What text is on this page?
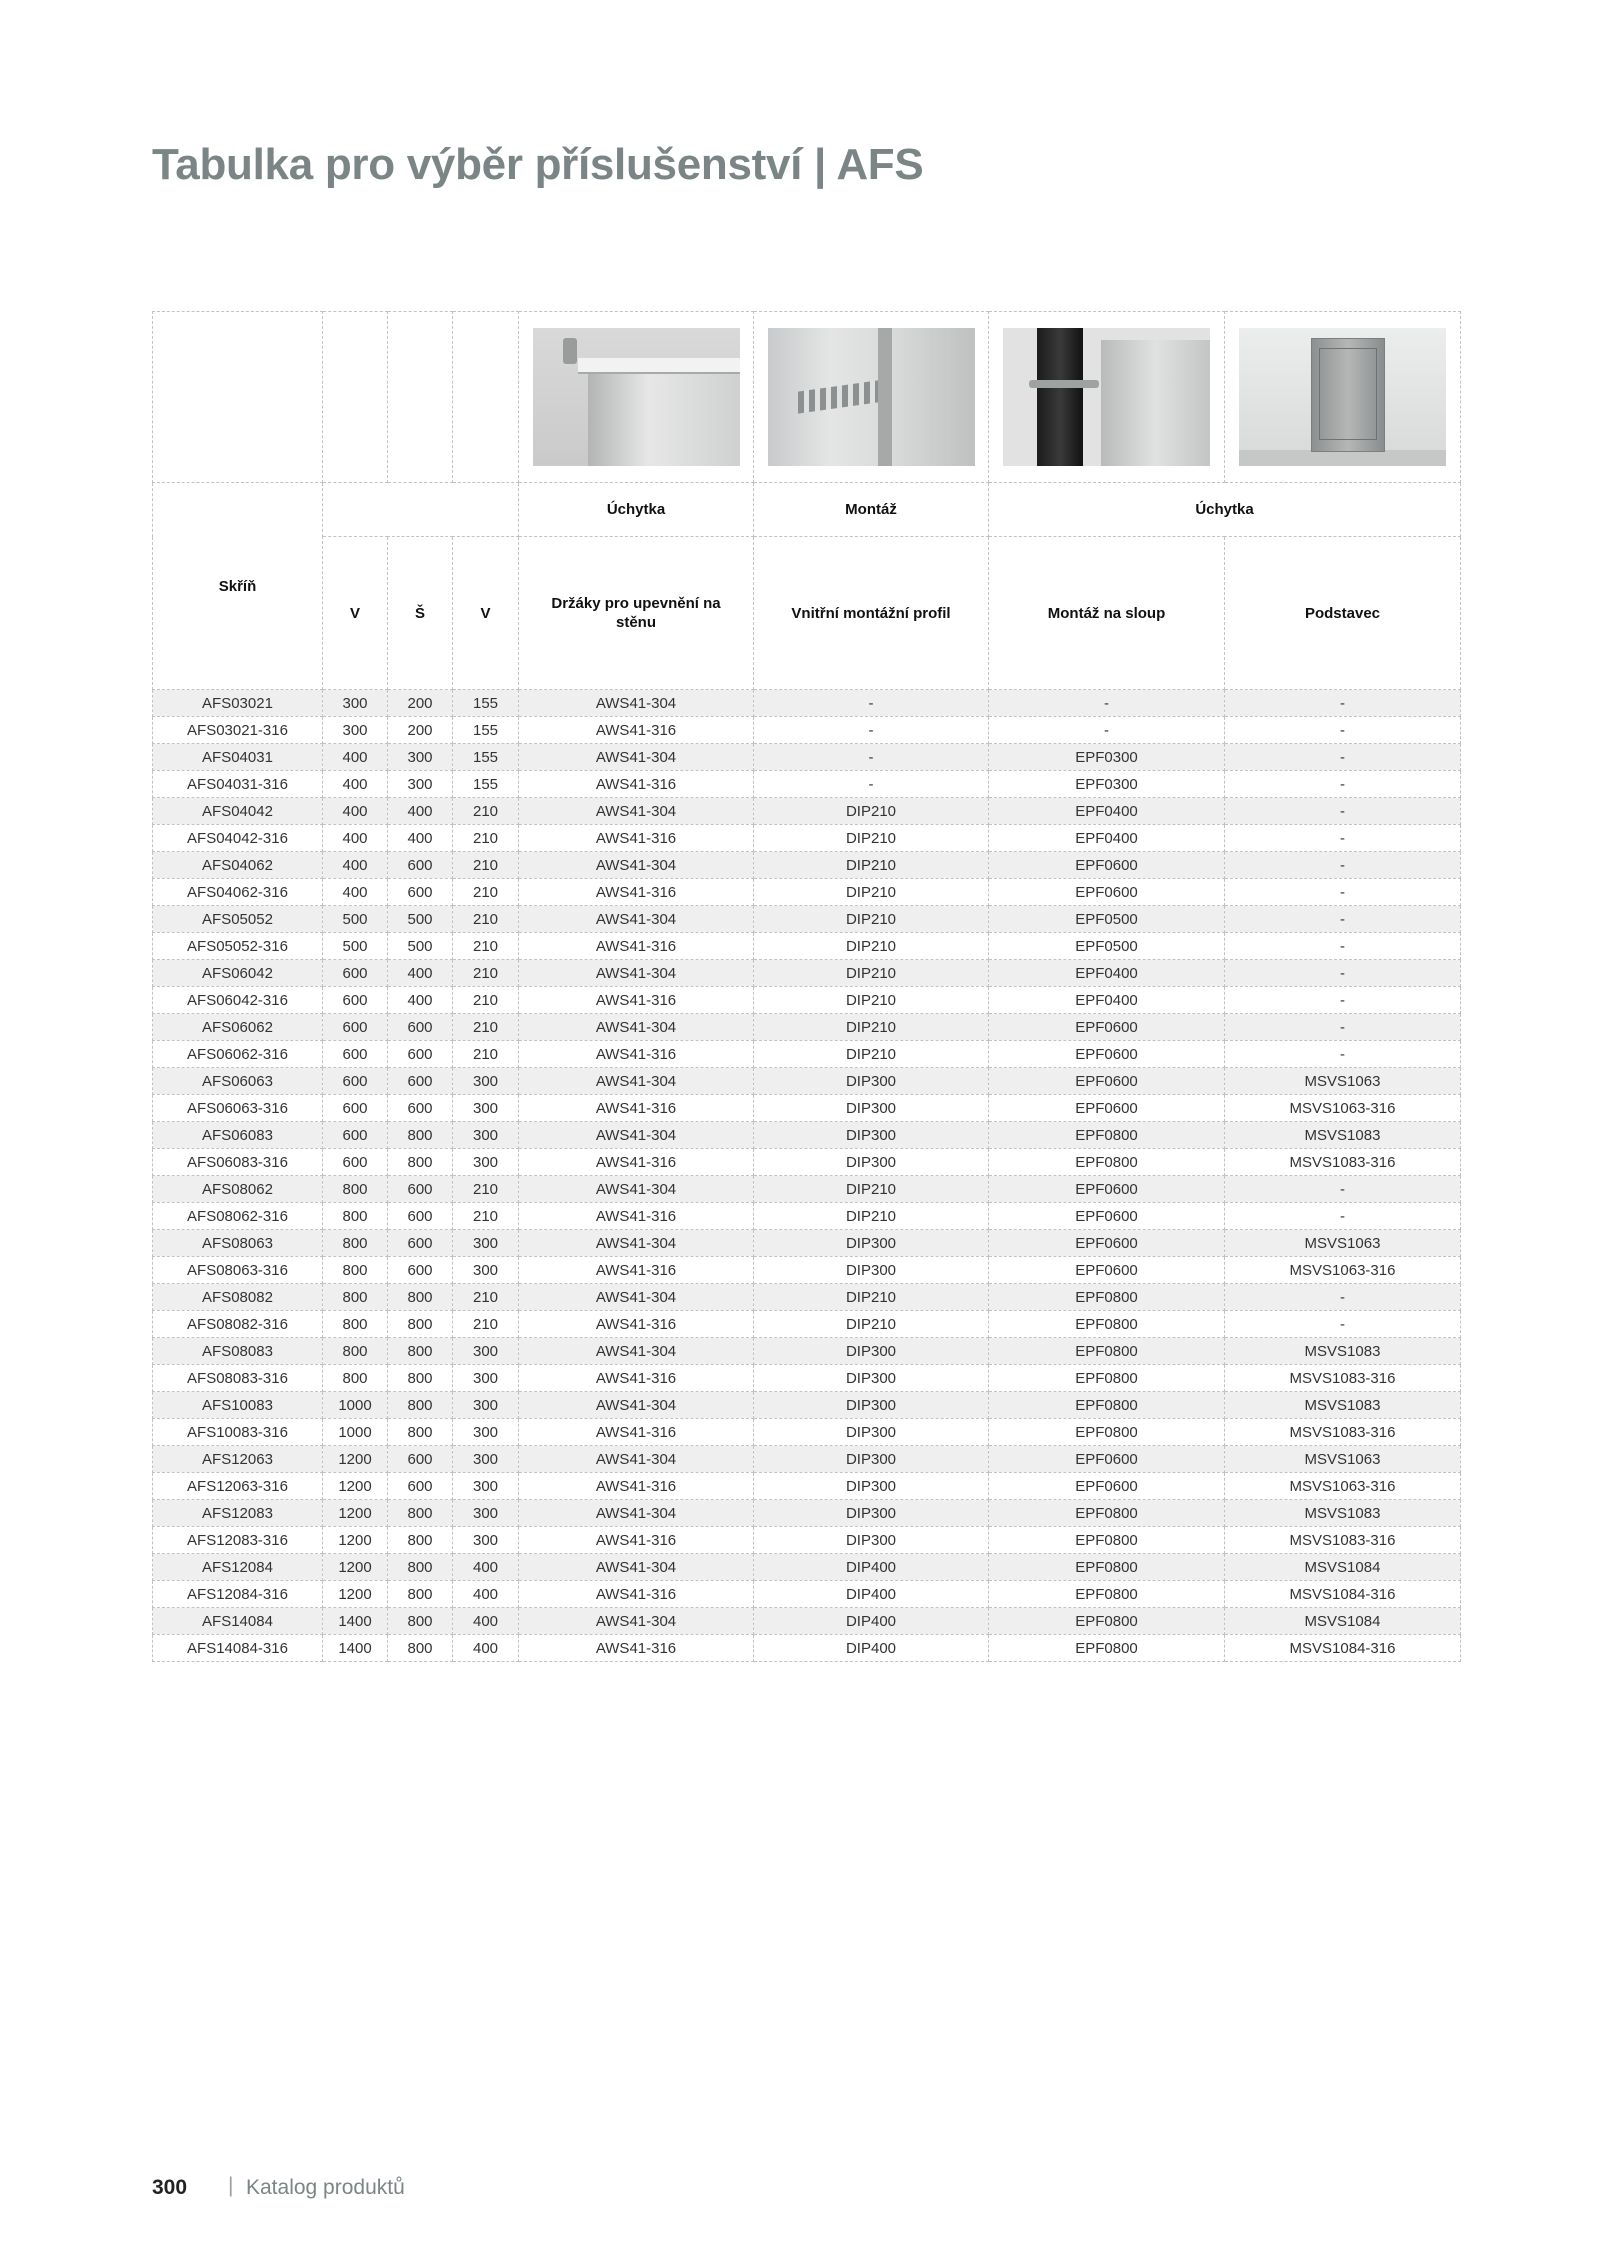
Tabulka pro výběr příslušenství | AFS

Skříň				Úchytka	Montáž	Úchytka	
	V	Š	V	Držáky pro upevnění na stěnu	Vnitřní montážní profil	Montáž na sloup	Podstavec
AFS03021	300	200	155	AWS41-304	-	-	-
AFS03021-316	300	200	155	AWS41-316	-	-	-
AFS04031	400	300	155	AWS41-304	-	EPF0300	-
AFS04031-316	400	300	155	AWS41-316	-	EPF0300	-
AFS04042	400	400	210	AWS41-304	DIP210	EPF0400	-
AFS04042-316	400	400	210	AWS41-316	DIP210	EPF0400	-
AFS04062	400	600	210	AWS41-304	DIP210	EPF0600	-
AFS04062-316	400	600	210	AWS41-316	DIP210	EPF0600	-
AFS05052	500	500	210	AWS41-304	DIP210	EPF0500	-
AFS05052-316	500	500	210	AWS41-316	DIP210	EPF0500	-
AFS06042	600	400	210	AWS41-304	DIP210	EPF0400	-
AFS06042-316	600	400	210	AWS41-316	DIP210	EPF0400	-
AFS06062	600	600	210	AWS41-304	DIP210	EPF0600	-
AFS06062-316	600	600	210	AWS41-316	DIP210	EPF0600	-
AFS06063	600	600	300	AWS41-304	DIP300	EPF0600	MSVS1063
AFS06063-316	600	600	300	AWS41-316	DIP300	EPF0600	MSVS1063-316
AFS06083	600	800	300	AWS41-304	DIP300	EPF0800	MSVS1083
AFS06083-316	600	800	300	AWS41-316	DIP300	EPF0800	MSVS1083-316
AFS08062	800	600	210	AWS41-304	DIP210	EPF0600	-
AFS08062-316	800	600	210	AWS41-316	DIP210	EPF0600	-
AFS08063	800	600	300	AWS41-304	DIP300	EPF0600	MSVS1063
AFS08063-316	800	600	300	AWS41-316	DIP300	EPF0600	MSVS1063-316
AFS08082	800	800	210	AWS41-304	DIP210	EPF0800	-
AFS08082-316	800	800	210	AWS41-316	DIP210	EPF0800	-
AFS08083	800	800	300	AWS41-304	DIP300	EPF0800	MSVS1083
AFS08083-316	800	800	300	AWS41-316	DIP300	EPF0800	MSVS1083-316
AFS10083	1000	800	300	AWS41-304	DIP300	EPF0800	MSVS1083
AFS10083-316	1000	800	300	AWS41-316	DIP300	EPF0800	MSVS1083-316
AFS12063	1200	600	300	AWS41-304	DIP300	EPF0600	MSVS1063
AFS12063-316	1200	600	300	AWS41-316	DIP300	EPF0600	MSVS1063-316
AFS12083	1200	800	300	AWS41-304	DIP300	EPF0800	MSVS1083
AFS12083-316	1200	800	300	AWS41-316	DIP300	EPF0800	MSVS1083-316
AFS12084	1200	800	400	AWS41-304	DIP400	EPF0800	MSVS1084
AFS12084-316	1200	800	400	AWS41-316	DIP400	EPF0800	MSVS1084-316
AFS14084	1400	800	400	AWS41-304	DIP400	EPF0800	MSVS1084
AFS14084-316	1400	800	400	AWS41-316	DIP400	EPF0800	MSVS1084-316
300 | Katalog produktů
